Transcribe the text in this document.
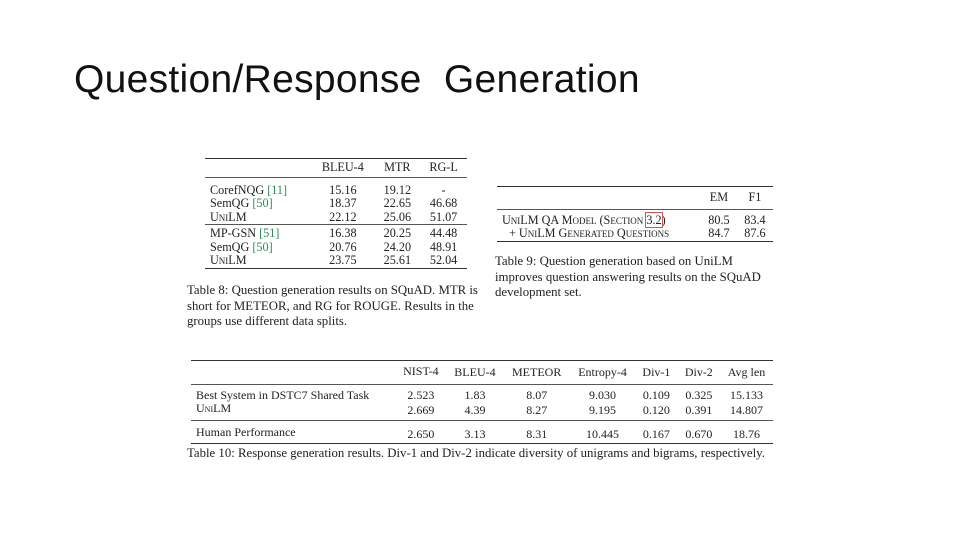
Question/Response  Generation
	BLEU-4	MTR	RG-L
CorefNQG [11]	15.16	19.12	-
SemQG [50]	18.37	22.65	46.68
UniLM	22.12	25.06	51.07
MP-GSN [51]	16.38	20.25	44.48
SemQG [50]	20.76	24.20	48.91
UniLM	23.75	25.61	52.04
Table 8: Question generation results on SQuAD. MTR is short for METEOR, and RG for ROUGE. Results in the groups use different data splits.
	EM	F1
UniLM QA Model (Section 3.2)	80.5	83.4
+ UniLM Generated Questions	84.7	87.6
Table 9: Question generation based on UniLM improves question answering results on the SQuAD development set.
	NIST-4	BLEU-4	METEOR	Entropy-4	Div-1	Div-2	Avg len
Best System in DSTC7 Shared Task	2.523	1.83	8.07	9.030	0.109	0.325	15.133
UniLM	2.669	4.39	8.27	9.195	0.120	0.391	14.807
Human Performance	2.650	3.13	8.31	10.445	0.167	0.670	18.76
Table 10: Response generation results. Div-1 and Div-2 indicate diversity of unigrams and bigrams, respectively.
